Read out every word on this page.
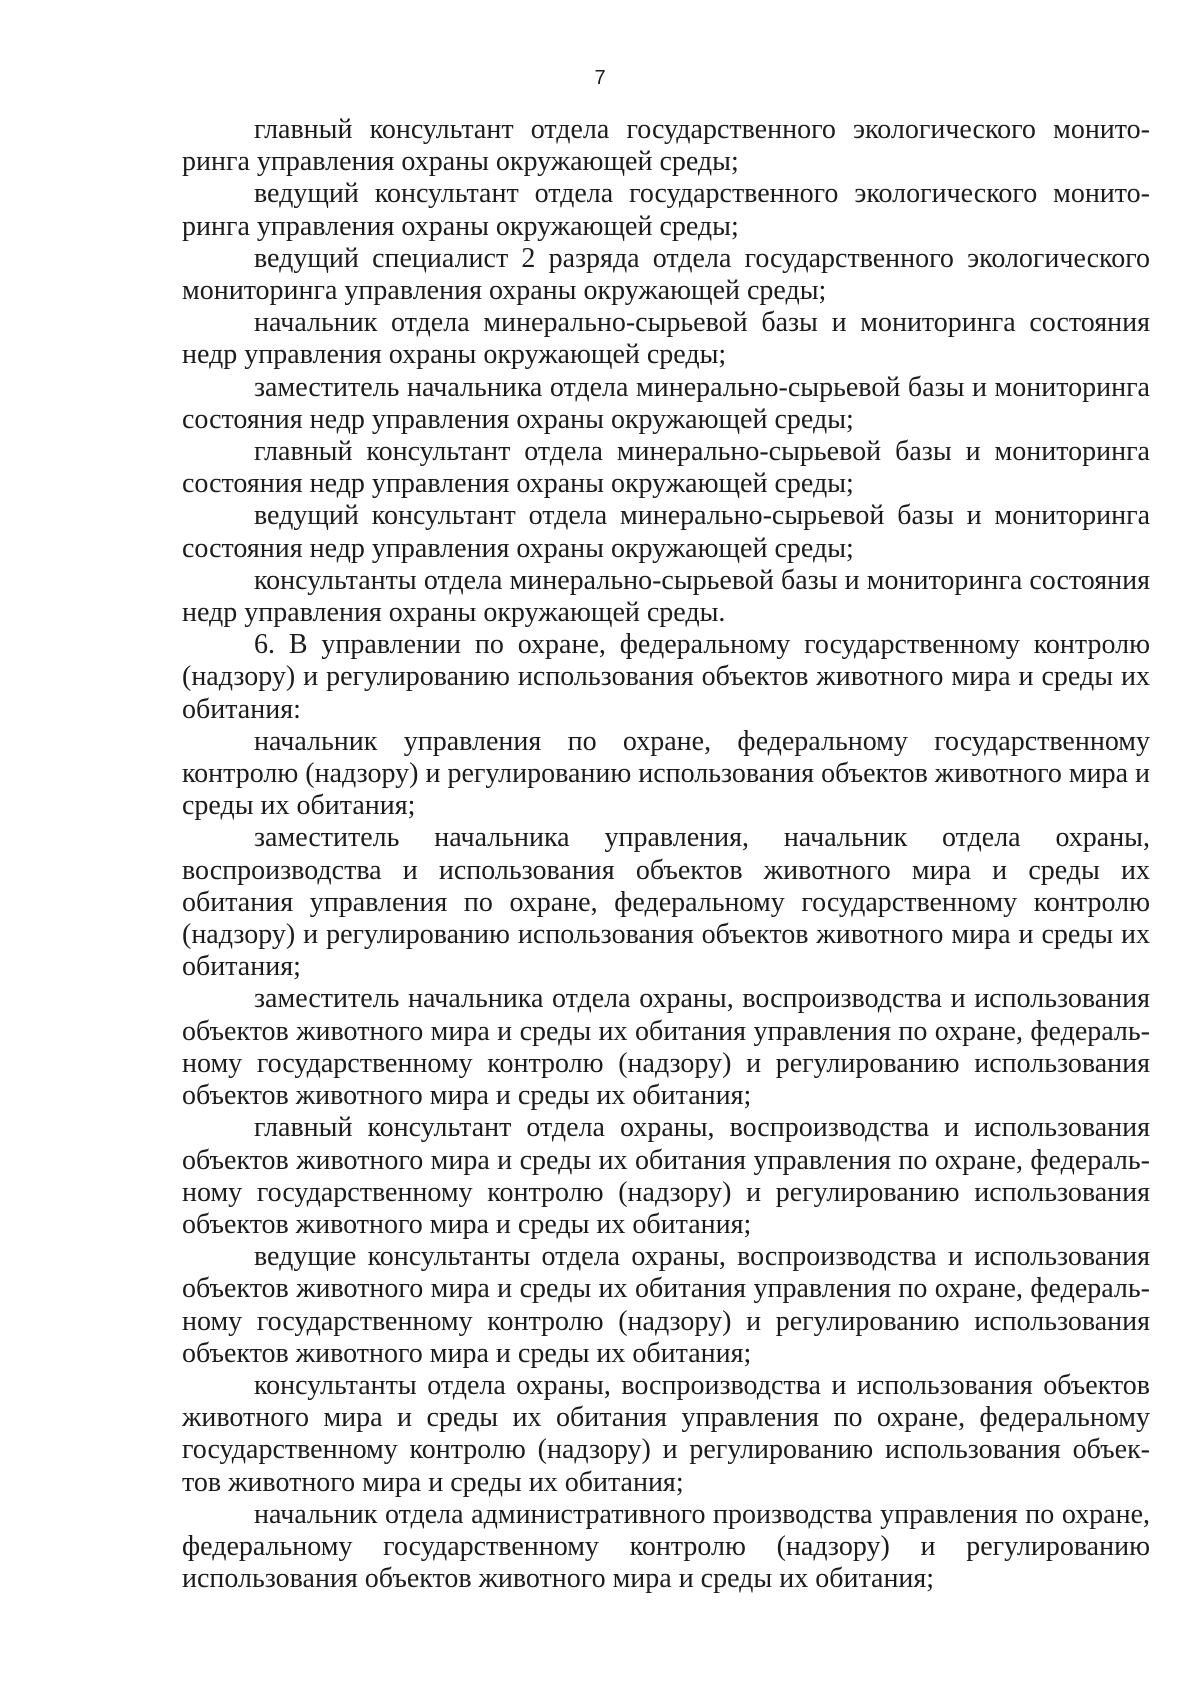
7

главный консультант отдела государственного экологического мониторинга управления охраны окружающей среды;

ведущий консультант отдела государственного экологического мониторинга управления охраны окружающей среды;

ведущий специалист 2 разряда отдела государственного экологического мониторинга управления охраны окружающей среды;

начальник отдела минерально-сырьевой базы и мониторинга состояния недр управления охраны окружающей среды;

заместитель начальника отдела минерально-сырьевой базы и мониторинга состояния недр управления охраны окружающей среды;

главный консультант отдела минерально-сырьевой базы и мониторинга состояния недр управления охраны окружающей среды;

ведущий консультант отдела минерально-сырьевой базы и мониторинга состояния недр управления охраны окружающей среды;

консультанты отдела минерально-сырьевой базы и мониторинга состояния недр управления охраны окружающей среды.

6. В управлении по охране, федеральному государственному контролю (надзору) и регулированию использования объектов животного мира и среды их обитания:

начальник управления по охране, федеральному государственному контролю (надзору) и регулированию использования объектов животного мира и среды их обитания;

заместитель начальника управления, начальник отдела охраны, воспроизводства и использования объектов животного мира и среды их обитания управления по охране, федеральному государственному контролю (надзору) и регулированию использования объектов животного мира и среды их обитания;

заместитель начальника отдела охраны, воспроизводства и использования объектов животного мира и среды их обитания управления по охране, федеральному государственному контролю (надзору) и регулированию использования объектов животного мира и среды их обитания;

главный консультант отдела охраны, воспроизводства и использования объектов животного мира и среды их обитания управления по охране, федеральному государственному контролю (надзору) и регулированию использования объектов животного мира и среды их обитания;

ведущие консультанты отдела охраны, воспроизводства и использования объектов животного мира и среды их обитания управления по охране, федеральному государственному контролю (надзору) и регулированию использования объектов животного мира и среды их обитания;

консультанты отдела охраны, воспроизводства и использования объектов животного мира и среды их обитания управления по охране, федеральному государственному контролю (надзору) и регулированию использования объектов животного мира и среды их обитания;

начальник отдела административного производства управления по охране, федеральному государственному контролю (надзору) и регулированию использования объектов животного мира и среды их обитания;
